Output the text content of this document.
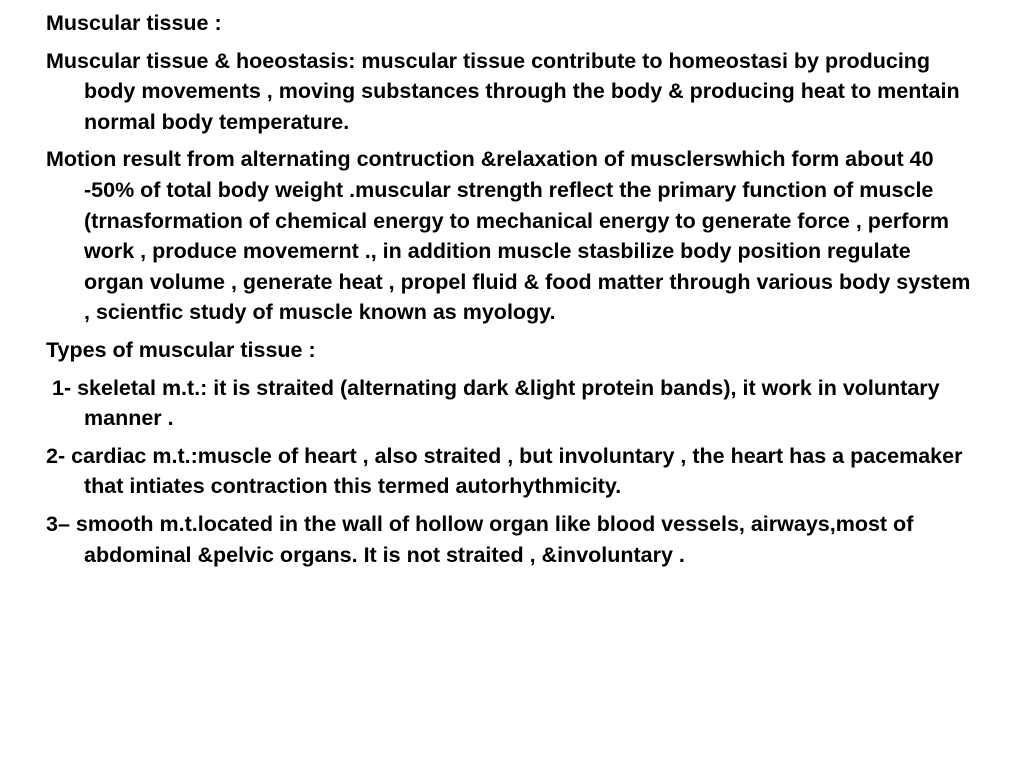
Muscular tissue :

Muscular tissue & hoeostasis: muscular tissue contribute to homeostasi by producing body movements , moving substances through the body & producing heat to mentain normal body temperature.

Motion result from alternating contruction &relaxation of musclerswhich form about 40 -50% of total body weight .muscular strength reflect the primary function of muscle (trnasformation of chemical energy to mechanical energy to generate force , perform work , produce movemernt ., in addition muscle stasbilize body position regulate organ volume , generate heat , propel fluid & food matter through various body system , scientfic study of muscle known as myology.

Types of muscular tissue :

1- skeletal m.t.: it is straited (alternating dark &light protein bands), it work in voluntary manner .

2- cardiac m.t.:muscle of heart , also straited , but involuntary , the heart has a pacemaker that intiates contraction this termed autorhythmicity.

3– smooth m.t.located in the wall of hollow organ like blood vessels, airways,most of abdominal &pelvic organs. It is not straited , &involuntary .
